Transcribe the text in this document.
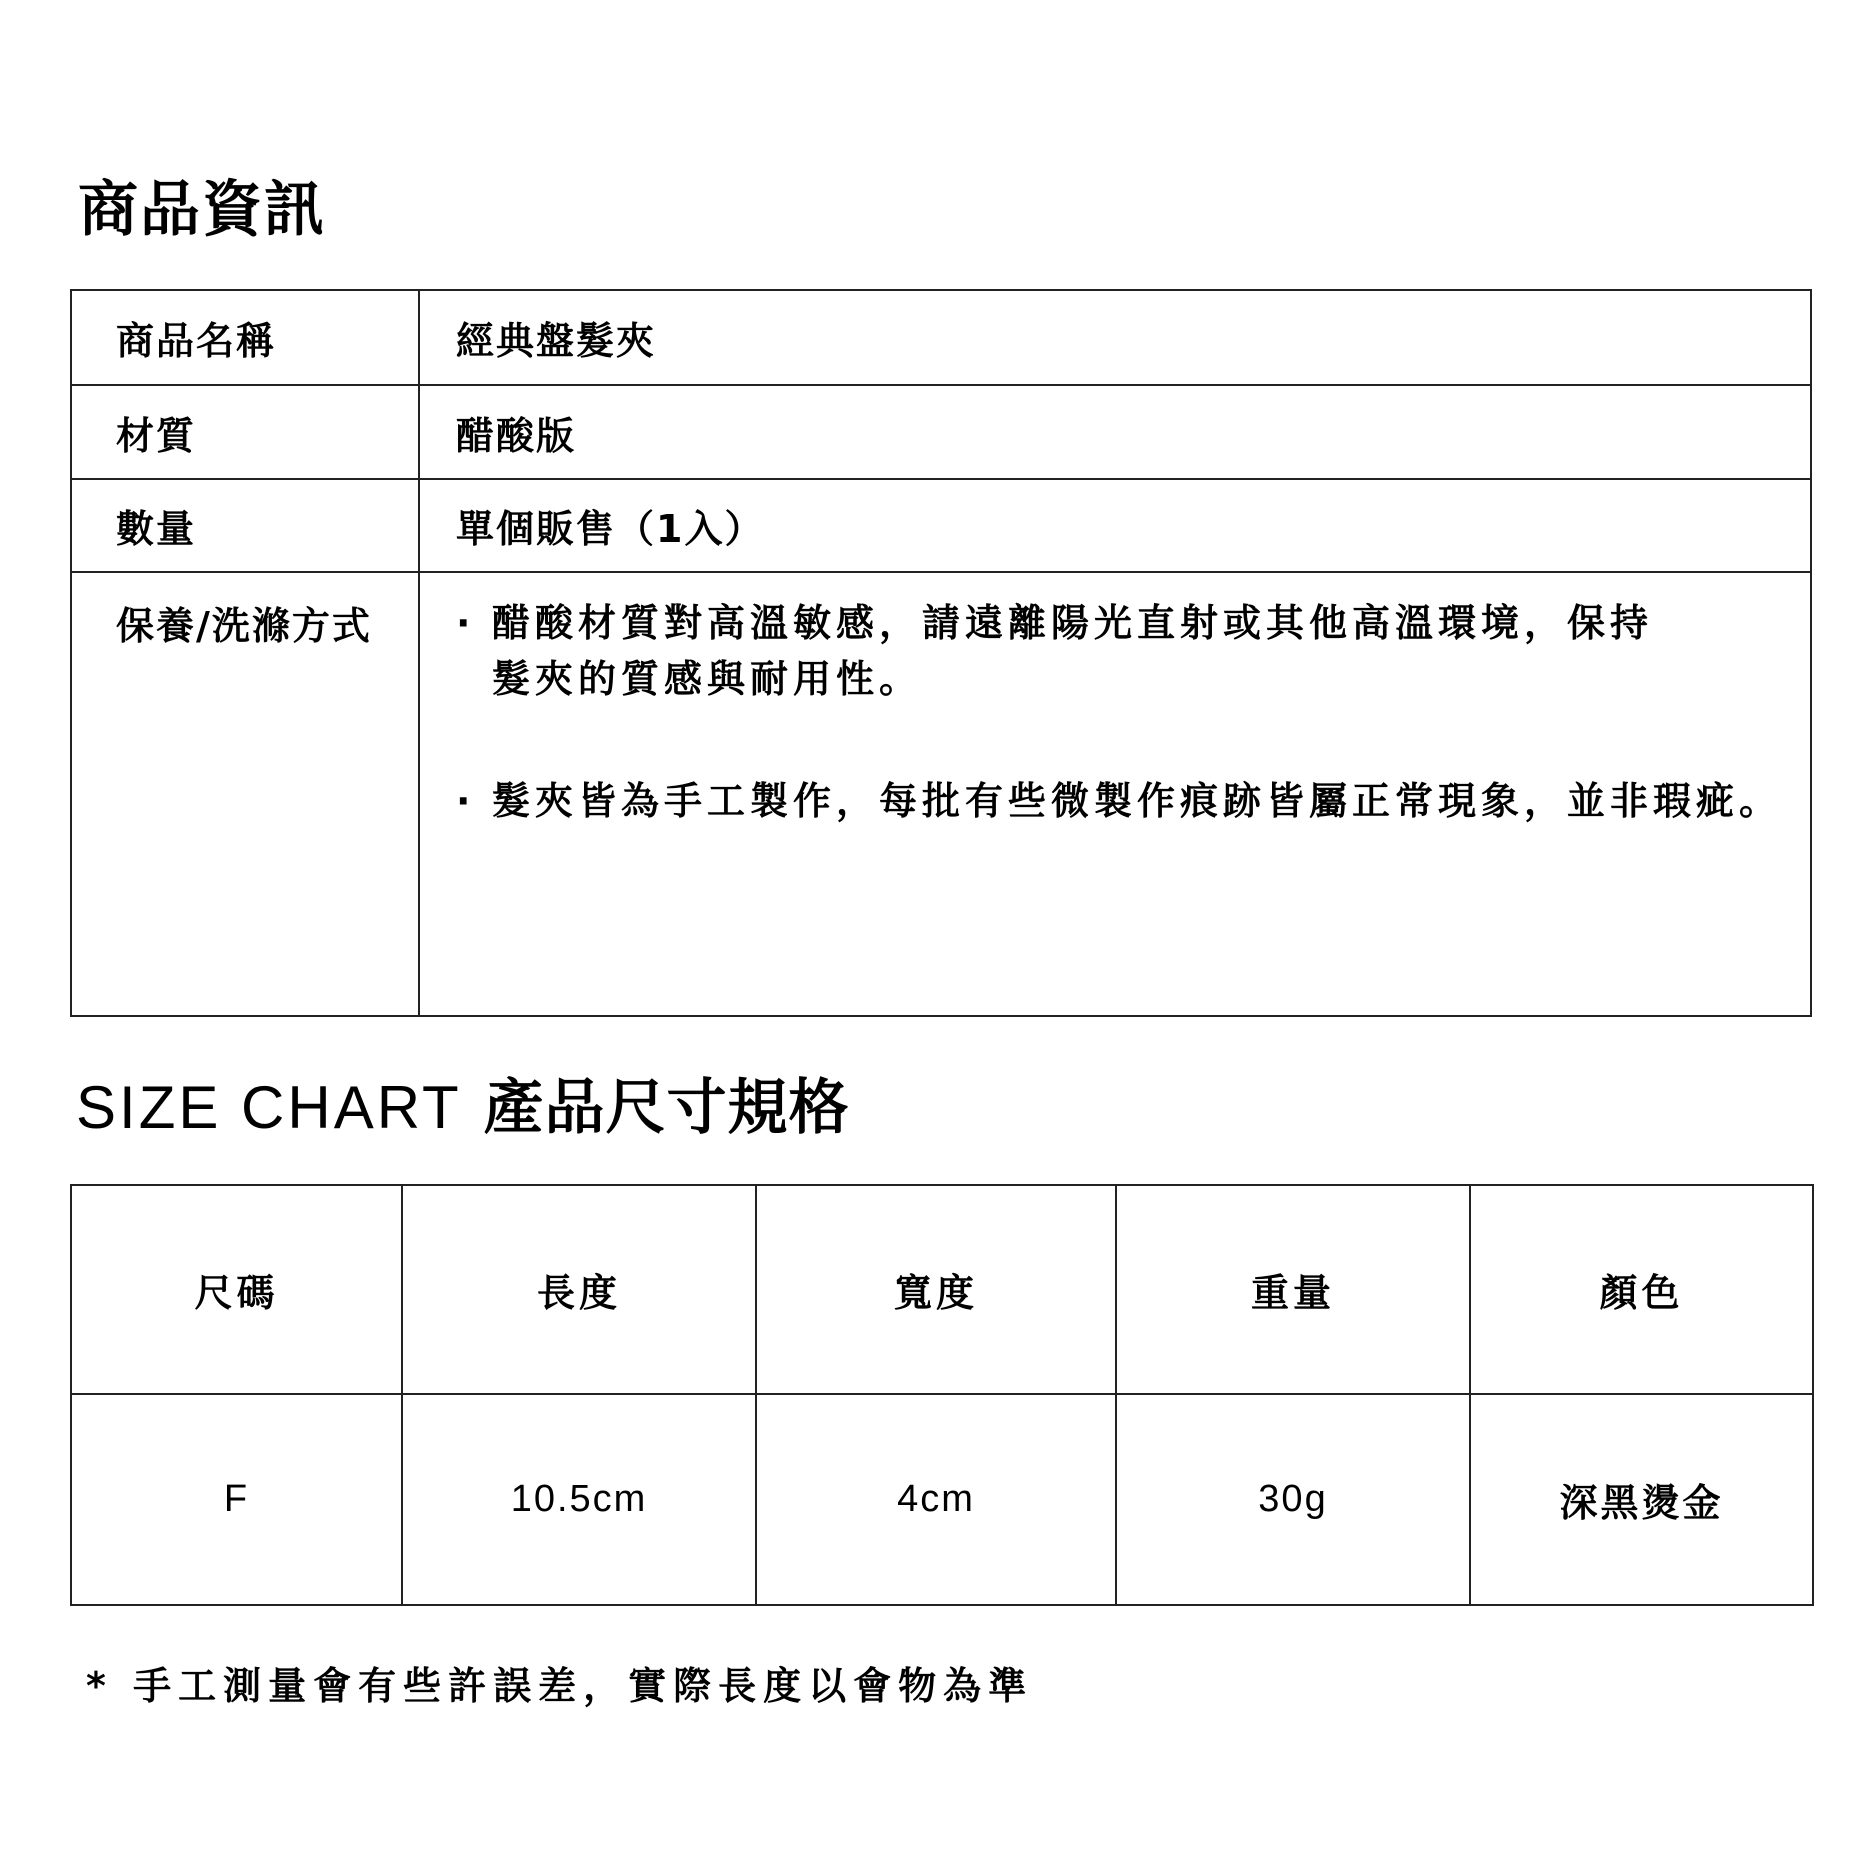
商品資訊
商品名稱	經典盤髮夾
材質	醋酸版
數量	單個販售（1入）
保養/洗滌方式	· 醋酸材質對高溫敏感，請遠離陽光直射或其他高溫環境，保持
髮夾的質感與耐用性。
· 髮夾皆為手工製作，每批有些微製作痕跡皆屬正常現象，並非瑕疵。
SIZE CHART 產品尺寸規格
尺碼	長度	寬度	重量	顏色
F	10.5cm	4cm	30g	深黑燙金

* 手工測量會有些許誤差，實際長度以會物為準
